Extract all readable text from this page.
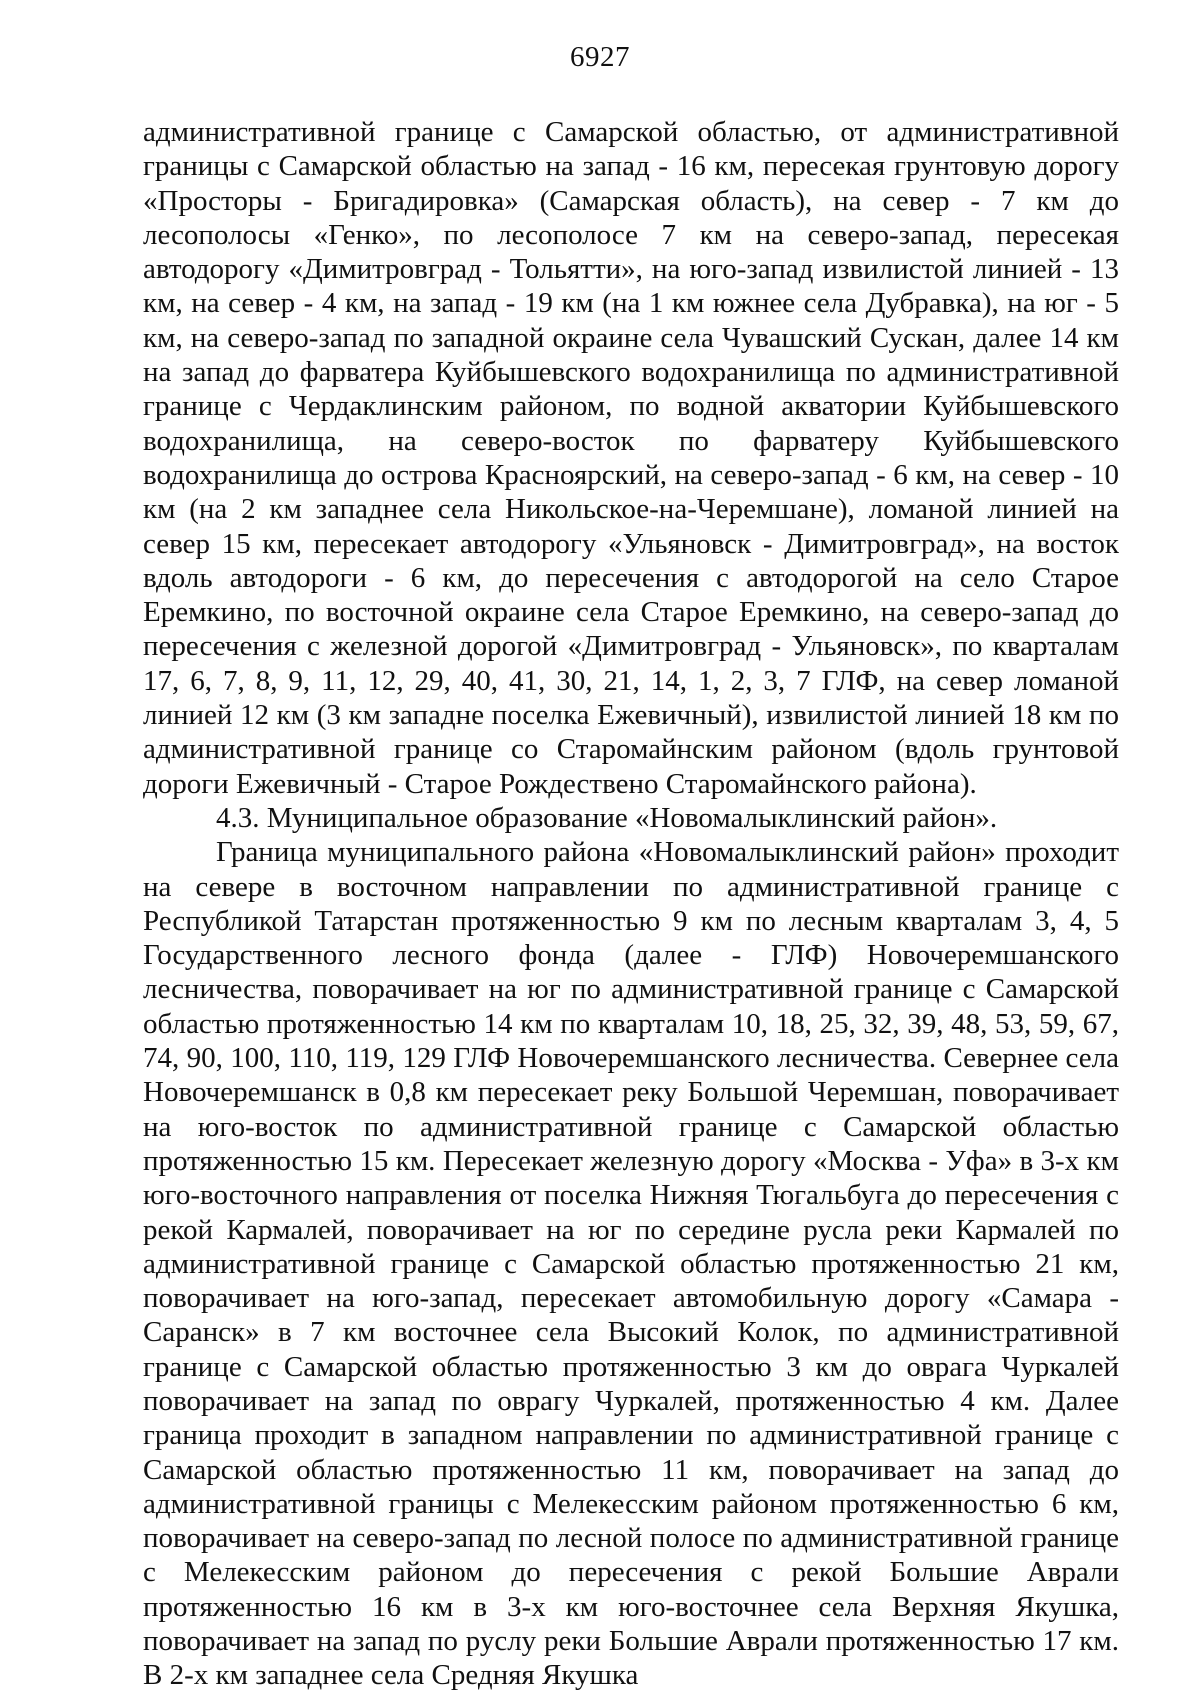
6927

административной границе с Самарской областью, от административной границы с Самарской областью на запад - 16 км, пересекая грунтовую дорогу «Просторы - Бригадировка» (Самарская область), на север - 7 км до лесополосы «Генко», по лесополосе 7 км на северо-запад, пересекая автодорогу «Димитровград - Тольятти», на юго-запад извилистой линией - 13 км, на север - 4 км, на запад - 19 км (на 1 км южнее села Дубравка), на юг - 5 км, на северо-запад по западной окраине села Чувашский Сускан, далее 14 км на запад до фарватера Куйбышевского водохранилища по административной границе с Чердаклинским районом, по водной акватории Куйбышевского водохранилища, на северо-восток по фарватеру Куйбышевского водохранилища до острова Красноярский, на северо-запад - 6 км, на север - 10 км (на 2 км западнее села Никольское-на-Черемшане), ломаной линией на север 15 км, пересекает автодорогу «Ульяновск - Димитровград», на восток вдоль автодороги - 6 км, до пересечения с автодорогой на село Старое Еремкино, по восточной окраине села Старое Еремкино, на северо-запад до пересечения с железной дорогой «Димитровград - Ульяновск», по кварталам 17, 6, 7, 8, 9, 11, 12, 29, 40, 41, 30, 21, 14, 1, 2, 3, 7 ГЛФ, на север ломаной линией 12 км (3 км западне поселка Ежевичный), извилистой линией 18 км по административной границе со Старомайнским районом (вдоль грунтовой дороги Ежевичный - Старое Рождествено Старомайнского района).

4.3. Муниципальное образование «Новомалыклинский район».

Граница муниципального района «Новомалыклинский район» проходит на севере в восточном направлении по административной границе с Республикой Татарстан протяженностью 9 км по лесным кварталам 3, 4, 5 Государственного лесного фонда (далее - ГЛФ) Новочеремшанского лесничества, поворачивает на юг по административной границе с Самарской областью протяженностью 14 км по кварталам 10, 18, 25, 32, 39, 48, 53, 59, 67, 74, 90, 100, 110, 119, 129 ГЛФ Новочеремшанского лесничества. Севернее села Новочеремшанск в 0,8 км пересекает реку Большой Черемшан, поворачивает на юго-восток по административной границе с Самарской областью протяженностью 15 км. Пересекает железную дорогу «Москва - Уфа» в 3-х км юго-восточного направления от поселка Нижняя Тюгальбуга до пересечения с рекой Кармалей, поворачивает на юг по середине русла реки Кармалей по административной границе с Самарской областью протяженностью 21 км, поворачивает на юго-запад, пересекает автомобильную дорогу «Самара - Саранск» в 7 км восточнее села Высокий Колок, по административной границе с Самарской областью протяженностью 3 км до оврага Чуркалей поворачивает на запад по оврагу Чуркалей, протяженностью 4 км. Далее граница проходит в западном направлении по административной границе с Самарской областью протяженностью 11 км, поворачивает на запад до административной границы с Мелекесским районом протяженностью 6 км, поворачивает на северо-запад по лесной полосе по административной границе с Мелекесским районом до пересечения с рекой Большие Аврали протяженностью 16 км в 3-х км юго-восточнее села Верхняя Якушка, поворачивает на запад по руслу реки Большие Аврали протяженностью 17 км. В 2-х км западнее села Средняя Якушка
